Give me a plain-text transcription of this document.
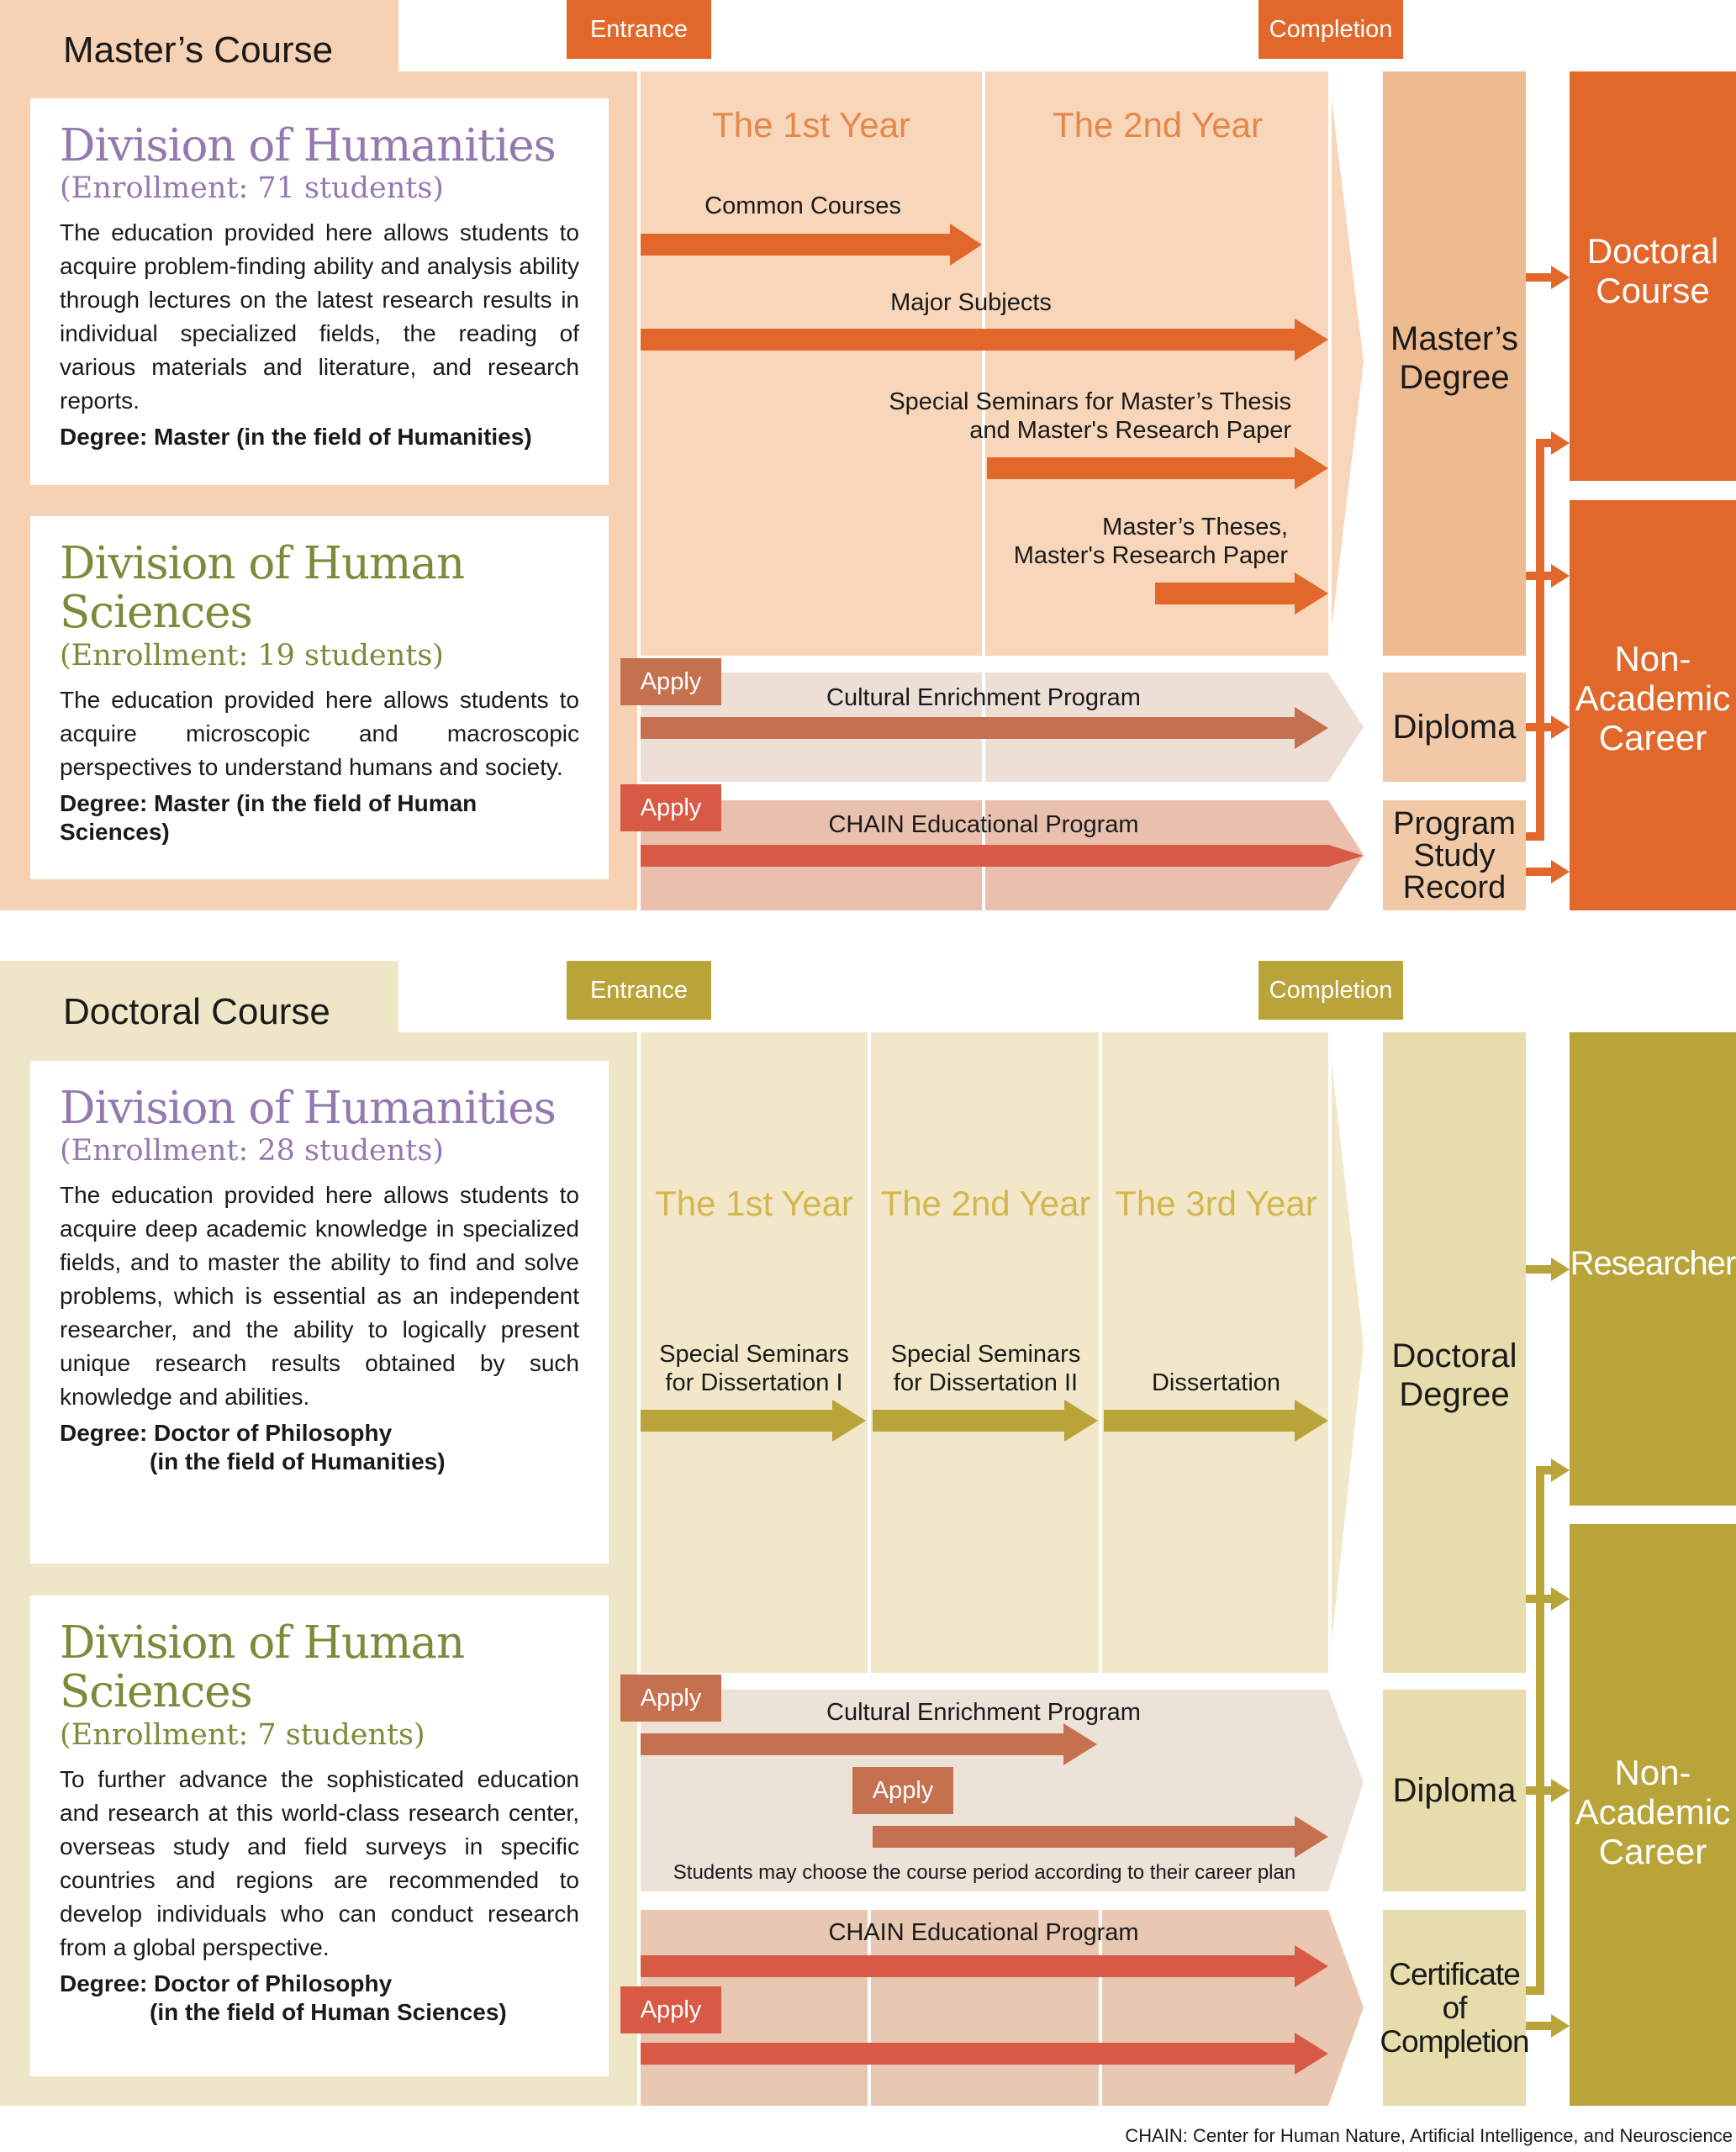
Master’s Course
Entrance	Completion
Division of Humanities
(Enrollment: 71 students)
The education provided here allows students to acquire problem-finding ability and analysis ability through lectures on the latest research results in individual specialized fields, the reading of various materials and literature, and research reports.
Degree: Master (in the field of Humanities)
Division of Human Sciences
(Enrollment: 19 students)
The education provided here allows students to acquire microscopic and macroscopic perspectives to understand humans and society.
Degree: Master (in the field of Human Sciences)
The 1st Year	The 2nd Year
Common Courses
Major Subjects
Special Seminars for Master’s Thesis
and Master's Research Paper
Master’s Theses,
Master's Research Paper
Cultural Enrichment Program
CHAIN Educational Program
Apply
Apply
Master’s
Degree
Diploma
Program
Study
Record
Doctoral
Course
Non-
Academic
Career
Doctoral Course
Entrance	Completion
Division of Humanities
(Enrollment: 28 students)
The education provided here allows students to acquire deep academic knowledge in specialized fields, and to master the ability to find and solve problems, which is essential as an independent researcher, and the ability to logically present unique research results obtained by such knowledge and abilities.
Degree: Doctor of Philosophy
(in the field of Humanities)
Division of Human Sciences
(Enrollment: 7 students)
To further advance the sophisticated education and research at this world-class research center, overseas study and field surveys in specific countries and regions are recommended to develop individuals who can conduct research from a global perspective.
Degree: Doctor of Philosophy
(in the field of Human Sciences)
The 1st Year The 2nd Year The 3rd Year
Special Seminars
for Dissertation I
Special Seminars
for Dissertation II	Dissertation
Cultural Enrichment Program
Students may choose the course period according to their career plan
CHAIN Educational Program
Apply
Apply
Apply
Doctoral
Degree
Diploma
Certificate
of
Completion
Researcher
Non-
Academic
Career
CHAIN: Center for Human Nature, Artificial Intelligence, and Neuroscience
